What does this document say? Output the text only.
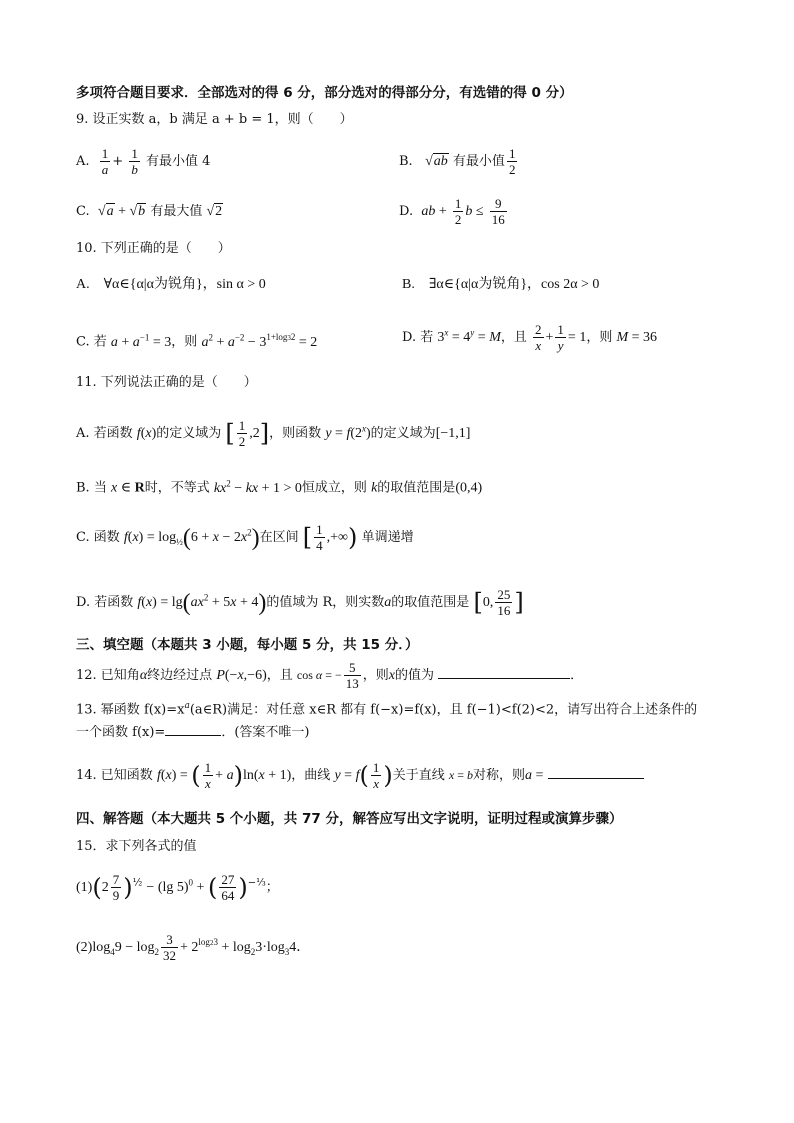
多项符合题目要求．全部选对的得 6 分，部分选对的得部分分，有选错的得 0 分）
9. 设正实数 a，b 满足 a + b = 1，则（　　）
A. $\frac{1}{a} + \frac{1}{b}$ 有最小值 4	B. √ab 有最小值 $\frac{1}{2}$
C. √a + √b 有最大值 √2	D. ab + $\frac{1}{2}$ $b \le \frac{9}{16}$
10. 下列正确的是（　　）
A.　∀α∈{α|α为锐角}，sin α > 0	B.　∃α∈{α|α为锐角}，cos 2α > 0
C. 若 $a + a^{-1} = 3$，则 $a^2 + a^{-2} - 3^{1+log32} = 2$	D. 若 $3^x = 4^y = M$，且 $\frac{2}{x} + \frac{1}{y} = 1$，则 M = 36
11. 下列说法正确的是（　　）
A. 若函数 f(x)的定义域为 [ $\frac{1}{2} ,2$]，则函数 $y = f(2^x)$的定义域为[−1,1]
B. 当 x ∈ R时，不等式 $kx^2$ − kx + 1 > 0恒成立，则 k的取值范围是(0,4)
C. 函数 $f(x) = \log_{\frac{1}{2}}(6 + x - 2x^2)$在区间 [ $\frac{1}{4}$ ,+∞) 单调递增
D. 若函数 $f(x) = \lg(ax^2 + 5x + 4)$的值域为 R，则实数a的取值范围是 [0, $\frac{25}{16}$ ]
三、填空题（本题共 3 小题，每小题 5 分，共 15 分．）
12. 已知角α终边经过点 P(−x,−6)，且 cos α = − $\frac{5}{13}$ ，则x的值为	．
13. 幂函数 $f(x)=x^a(a\in R)$满足：对任意 x∈R 都有 f(−x)=f(x)，且 f(−1)<f(2)<2，请写出符合上述条件的
一个函数 f(x)=	．(答案不唯一)
14. 已知函数 f(x) = ( $\frac{1}{x} + a)\ln(x + 1)$，曲线 $y = f( \frac{1}{x}$ )关于直线 x = b对称，则a =
四、解答题（本大题共 5 个小题，共 77 分，解答应写出文字说明，证明过程或演算步骤）
15．求下列各式的值
$(1)(2 \frac{7}{9} )^{\frac{1}{2}} - (\lg$ 5)$^0$ + ( $\frac{27}{64} )^{-\frac{1}{3}}$；
$(2)\log_49 - \log_2 \frac{3}{32} + 2^{log23} + \log_23\cdot\log_34$．
